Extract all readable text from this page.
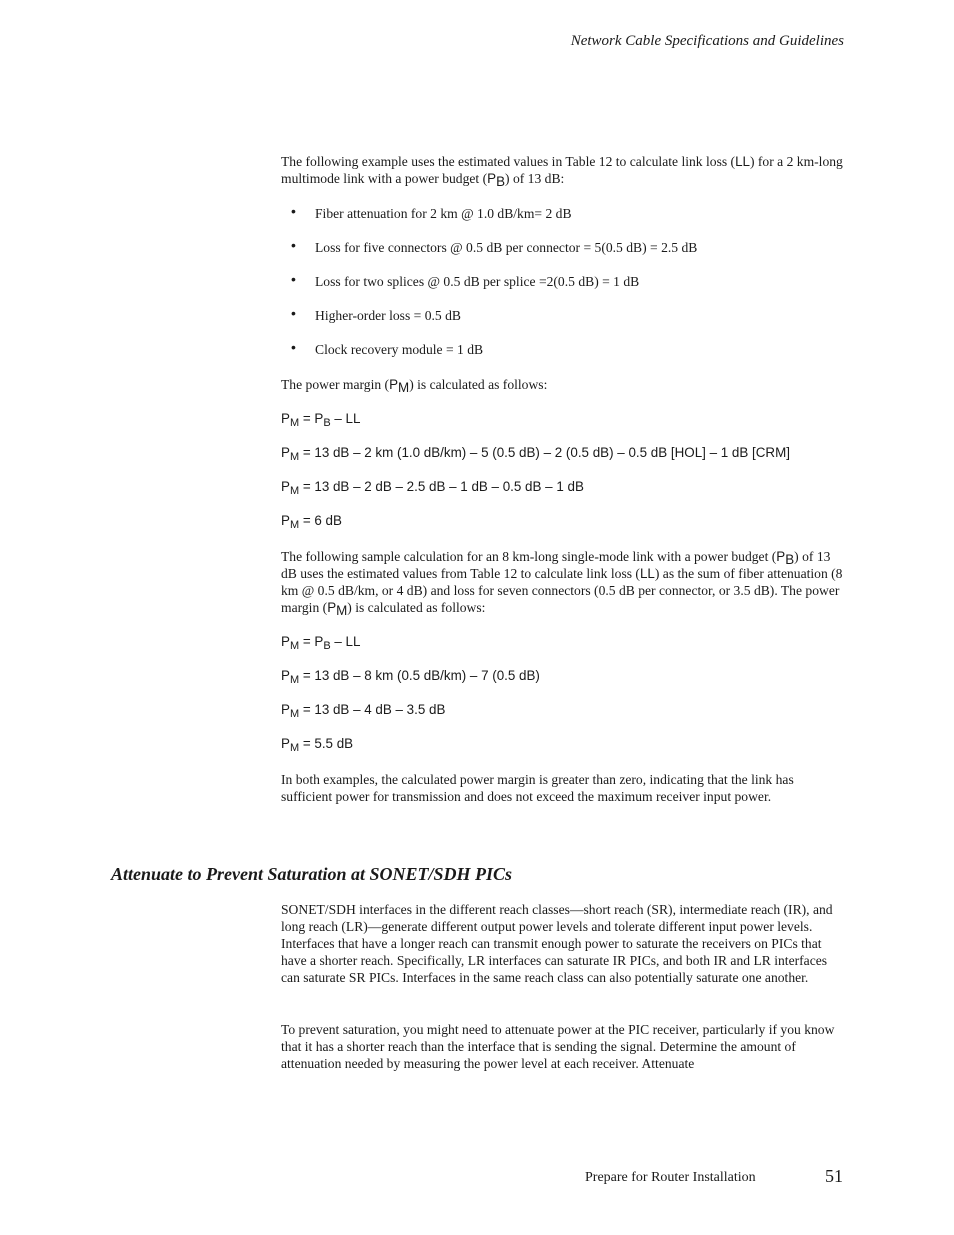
Network Cable Specifications and Guidelines

The following example uses the estimated values in Table 12 to calculate link loss (LL) for a 2 km-long multimode link with a power budget $(P_B)$ of 13 dB:

• Fiber attenuation for 2 km @ 1.0 dB/km= 2 dB
• Loss for five connectors @ 0.5 dB per connector = 5(0.5 dB) = 2.5 dB
• Loss for two splices @ 0.5 dB per splice =2(0.5 dB) = 1 dB
• Higher-order loss = 0.5 dB
• Clock recovery module = 1 dB

The power margin $(P_M)$ is calculated as follows:

$P_M = P_B$ – LL
$P_M = 13$ dB – 2 km (1.0 dB/km) – 5 (0.5 dB) – 2 (0.5 dB) – 0.5 dB [HOL] – 1 dB [CRM]
$P_M = 13$ dB – 2 dB – 2.5 dB – 1 dB – 0.5 dB – 1 dB
$P_M = 6$ dB

The following sample calculation for an 8 km-long single-mode link with a power budget $(P_B)$ of 13 dB uses the estimated values from Table 12 to calculate link loss (LL) as the sum of fiber attenuation (8 km @ 0.5 dB/km, or 4 dB) and loss for seven connectors (0.5 dB per connector, or 3.5 dB). The power margin $(P_M)$ is calculated as follows:

$P_M = P_B$ – LL
$P_M = 13$ dB – 8 km (0.5 dB/km) – 7 (0.5 dB)
$P_M = 13$ dB – 4 dB – 3.5 dB
$P_M = 5.5$ dB
In both examples, the calculated power margin is greater than zero, indicating that the link has sufficient power for transmission and does not exceed the maximum receiver input power.
Attenuate to Prevent Saturation at SONET/SDH PICs
SONET/SDH interfaces in the different reach classes—short reach (SR), intermediate reach (IR), and long reach (LR)—generate different output power levels and tolerate different input power levels. Interfaces that have a longer reach can transmit enough power to saturate the receivers on PICs that have a shorter reach. Specifically, LR interfaces can saturate IR PICs, and both IR and LR interfaces can saturate SR PICs. Interfaces in the same reach class can also potentially saturate one another.
To prevent saturation, you might need to attenuate power at the PIC receiver, particularly if you know that it has a shorter reach than the interface that is sending the signal. Determine the amount of attenuation needed by measuring the power level at each receiver. Attenuate
Prepare for Router Installation	51
